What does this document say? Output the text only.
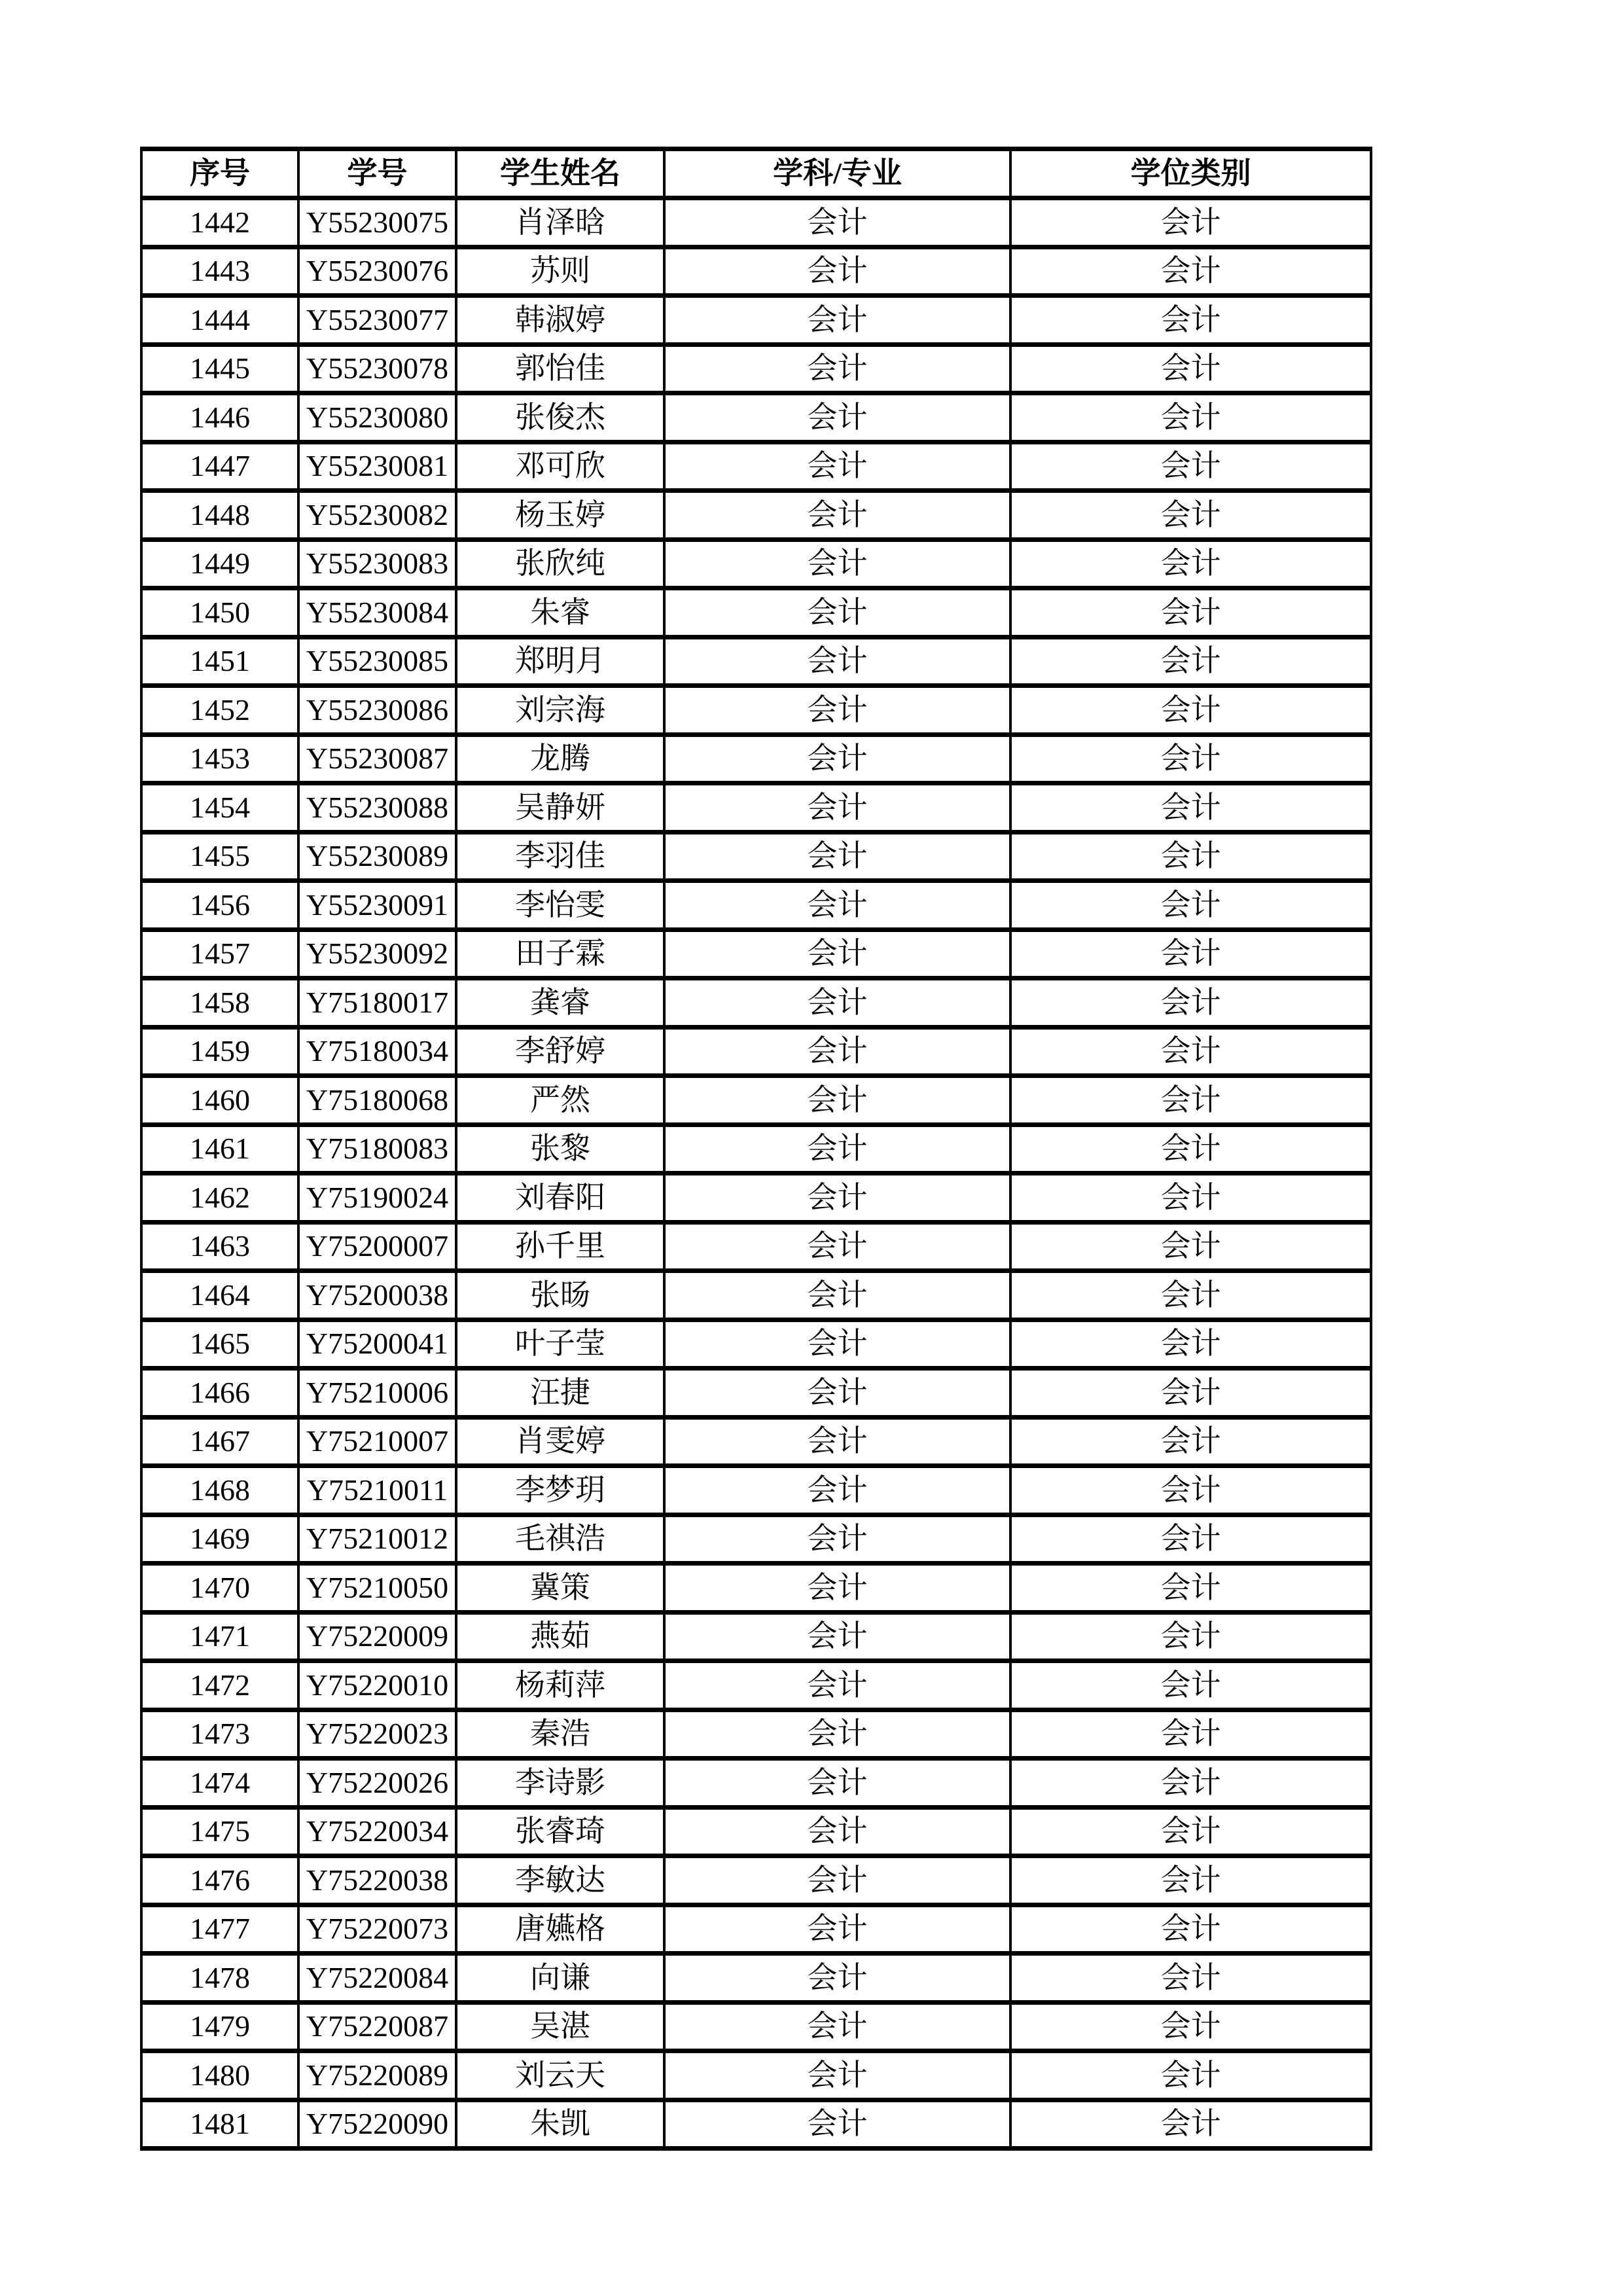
序号	学号	学生姓名	学科/专业	学位类别
1442	Y55230075	肖泽晗	会计	会计
1443	Y55230076	苏则	会计	会计
1444	Y55230077	韩淑婷	会计	会计
1445	Y55230078	郭怡佳	会计	会计
1446	Y55230080	张俊杰	会计	会计
1447	Y55230081	邓可欣	会计	会计
1448	Y55230082	杨玉婷	会计	会计
1449	Y55230083	张欣纯	会计	会计
1450	Y55230084	朱睿	会计	会计
1451	Y55230085	郑明月	会计	会计
1452	Y55230086	刘宗海	会计	会计
1453	Y55230087	龙腾	会计	会计
1454	Y55230088	吴静妍	会计	会计
1455	Y55230089	李羽佳	会计	会计
1456	Y55230091	李怡雯	会计	会计
1457	Y55230092	田子霖	会计	会计
1458	Y75180017	龚睿	会计	会计
1459	Y75180034	李舒婷	会计	会计
1460	Y75180068	严然	会计	会计
1461	Y75180083	张黎	会计	会计
1462	Y75190024	刘春阳	会计	会计
1463	Y75200007	孙千里	会计	会计
1464	Y75200038	张旸	会计	会计
1465	Y75200041	叶子莹	会计	会计
1466	Y75210006	汪捷	会计	会计
1467	Y75210007	肖雯婷	会计	会计
1468	Y75210011	李梦玥	会计	会计
1469	Y75210012	毛祺浩	会计	会计
1470	Y75210050	冀策	会计	会计
1471	Y75220009	燕茹	会计	会计
1472	Y75220010	杨莉萍	会计	会计
1473	Y75220023	秦浩	会计	会计
1474	Y75220026	李诗影	会计	会计
1475	Y75220034	张睿琦	会计	会计
1476	Y75220038	李敏达	会计	会计
1477	Y75220073	唐嬿格	会计	会计
1478	Y75220084	向谦	会计	会计
1479	Y75220087	吴湛	会计	会计
1480	Y75220089	刘云天	会计	会计
1481	Y75220090	朱凯	会计	会计
